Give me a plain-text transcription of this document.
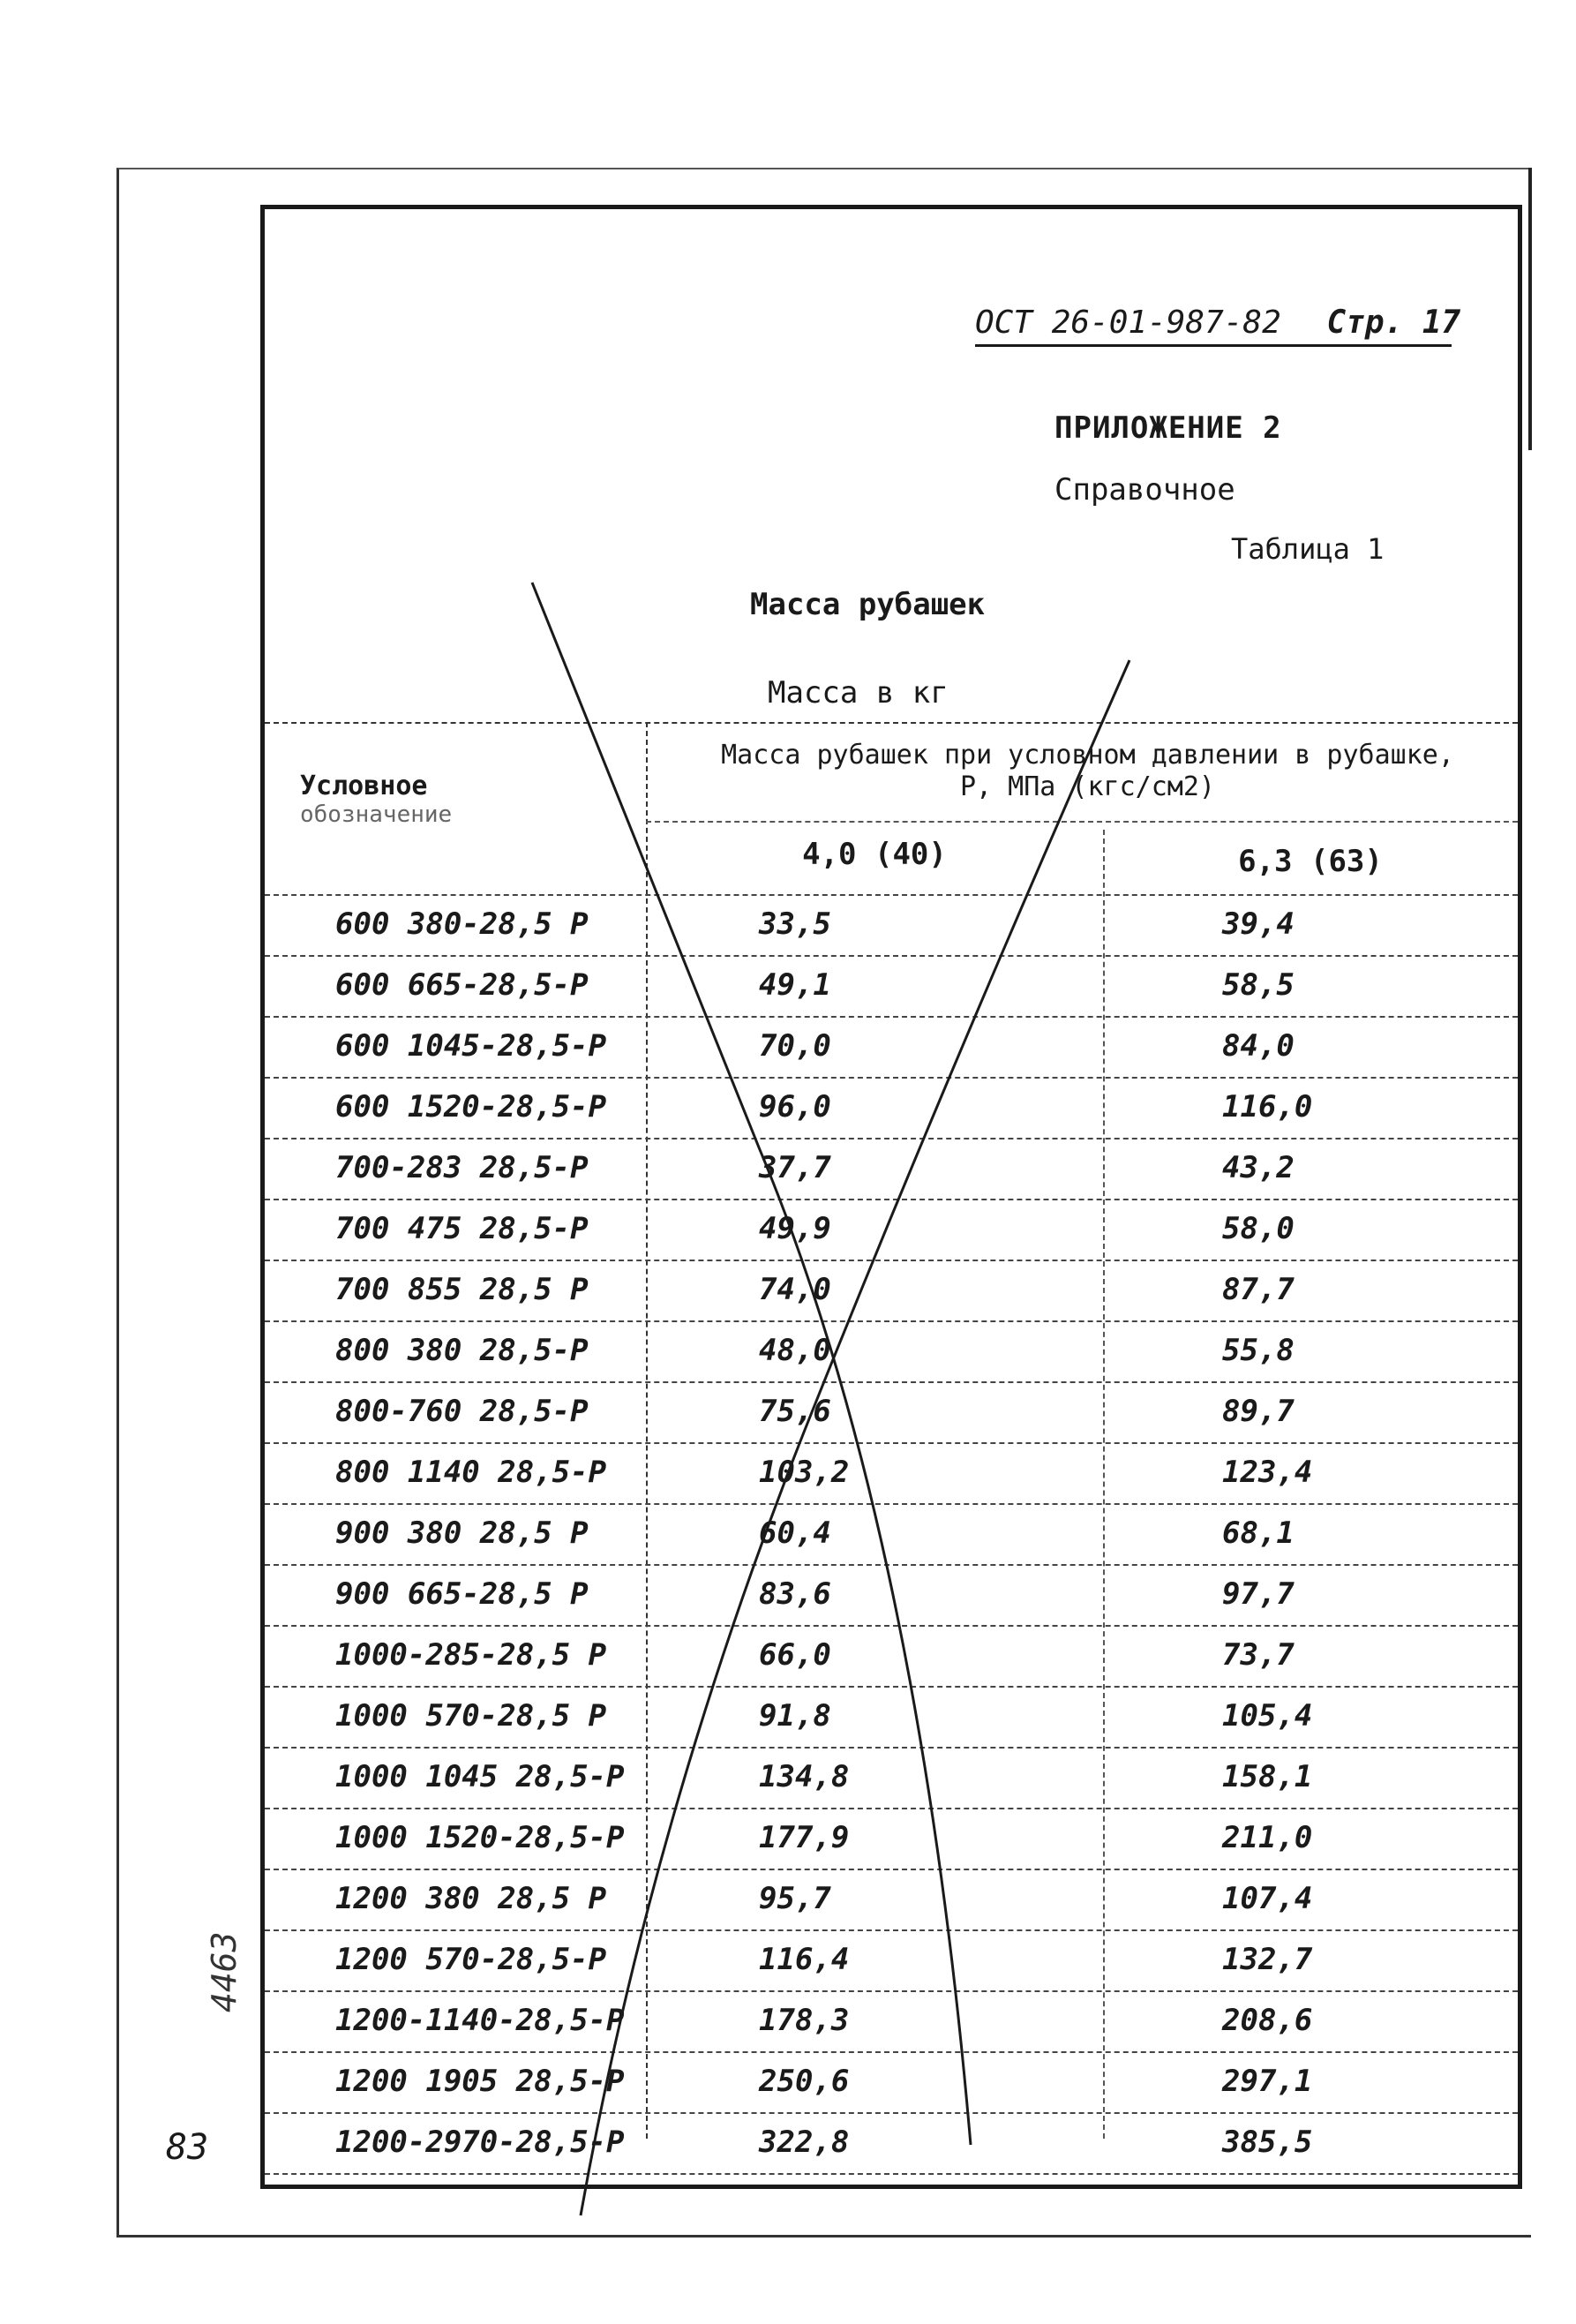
ОСТ 26-01-987-82 Стр. 17
ПРИЛОЖЕНИЕ 2
Справочное
Таблица 1
Масса рубашек
Масса в кг
Условное
обозначение
Масса рубашек при условном давлении в рубашке,
Р, МПа (кгс/см2)
4,0 (40)	6,3 (63)
600 380-28,5 Р	33,5	39,4
600 665-28,5-Р	49,1	58,5
600 1045-28,5-Р	70,0	84,0
600 1520-28,5-Р	96,0	116,0
700-283 28,5-Р	37,7	43,2
700 475 28,5-Р	49,9	58,0
700 855 28,5 Р	74,0	87,7
800 380 28,5-Р	48,0	55,8
800-760 28,5-Р	75,6	89,7
800 1140 28,5-Р	103,2	123,4
900 380 28,5 Р	60,4	68,1
900 665-28,5 Р	83,6	97,7
1000-285-28,5 Р	66,0	73,7
1000 570-28,5 Р	91,8	105,4
1000 1045 28,5-Р	134,8	158,1
1000 1520-28,5-Р	177,9	211,0
1200 380 28,5 Р	95,7	107,4
1200 570-28,5-Р	116,4	132,7
1200-1140-28,5-Р	178,3	208,6
1200 1905 28,5-Р	250,6	297,1
1200-2970-28,5-Р	322,8	385,5
83
4463
